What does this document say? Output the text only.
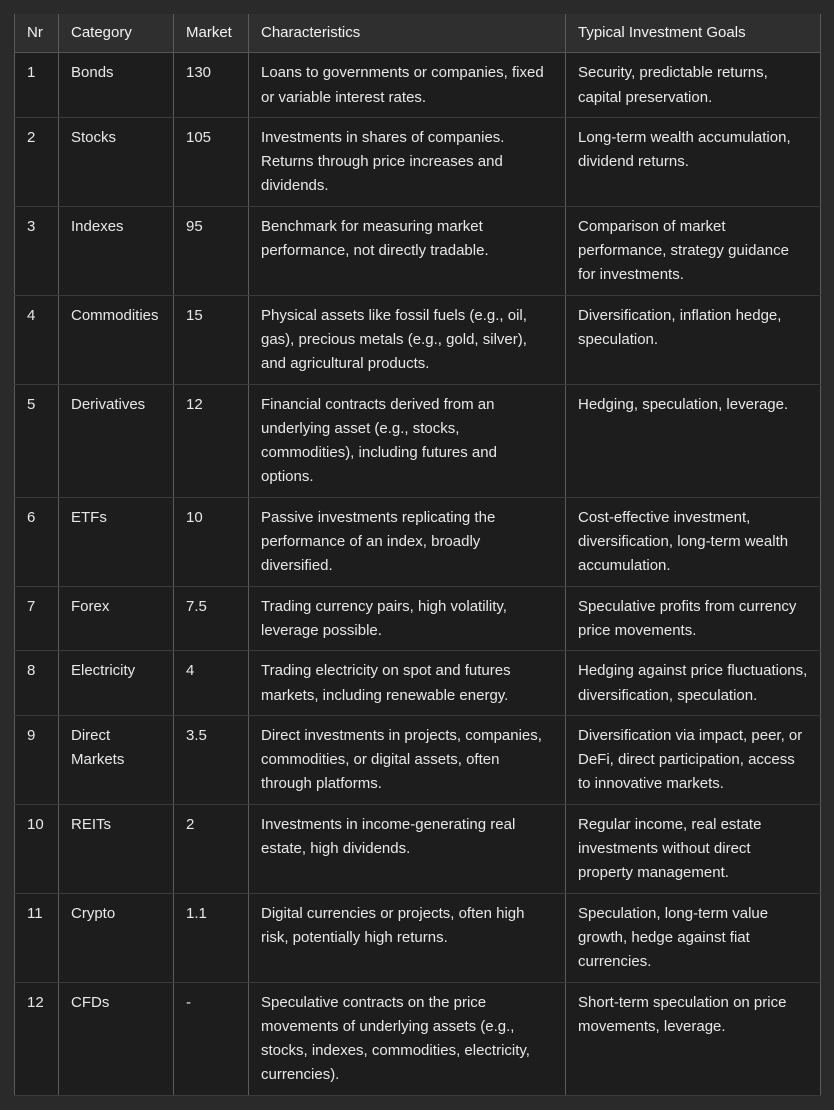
Nr	Category	Market	Characteristics	Typical Investment Goals
1	Bonds	130	Loans to governments or companies, fixed or variable interest rates.	Security, predictable returns, capital preservation.
2	Stocks	105	Investments in shares of companies. Returns through price increases and dividends.	Long-term wealth accumulation, dividend returns.
3	Indexes	95	Benchmark for measuring market performance, not directly tradable.	Comparison of market performance, strategy guidance for investments.
4	Commodities	15	Physical assets like fossil fuels (e.g., oil, gas), precious metals (e.g., gold, silver), and agricultural products.	Diversification, inflation hedge, speculation.
5	Derivatives	12	Financial contracts derived from an underlying asset (e.g., stocks, commodities), including futures and options.	Hedging, speculation, leverage.
6	ETFs	10	Passive investments replicating the performance of an index, broadly diversified.	Cost-effective investment, diversification, long-term wealth accumulation.
7	Forex	7.5	Trading currency pairs, high volatility, leverage possible.	Speculative profits from currency price movements.
8	Electricity	4	Trading electricity on spot and futures markets, including renewable energy.	Hedging against price fluctuations, diversification, speculation.
9	Direct Markets	3.5	Direct investments in projects, companies, commodities, or digital assets, often through platforms.	Diversification via impact, peer, or DeFi, direct participation, access to innovative markets.
10	REITs	2	Investments in income-generating real estate, high dividends.	Regular income, real estate investments without direct property management.
11	Crypto	1.1	Digital currencies or projects, often high risk, potentially high returns.	Speculation, long-term value growth, hedge against fiat currencies.
12	CFDs	-	Speculative contracts on the price movements of underlying assets (e.g., stocks, indexes, commodities, electricity, currencies).	Short-term speculation on price movements, leverage.
